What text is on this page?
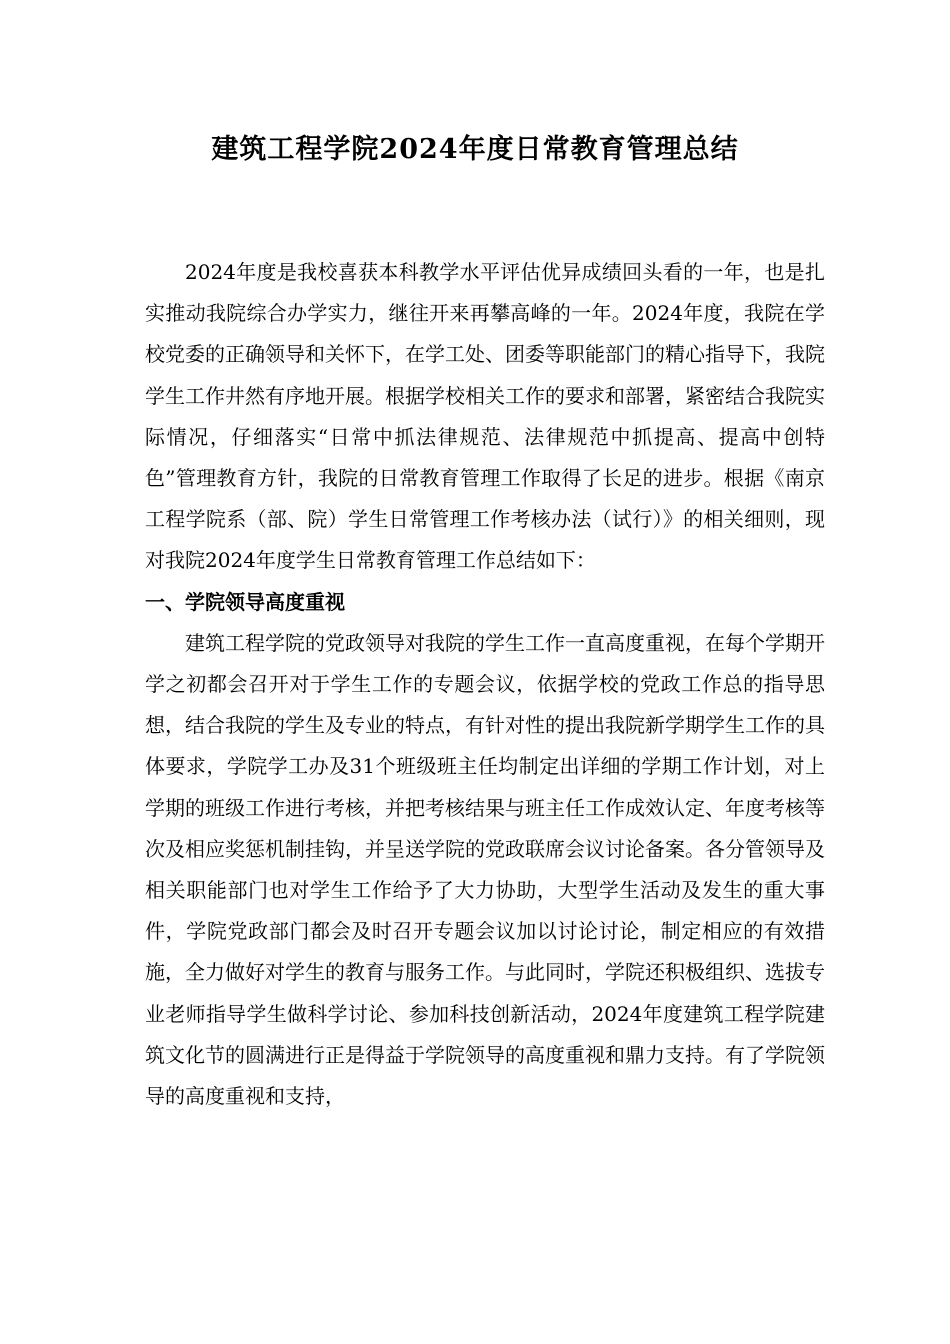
建筑工程学院2024年度日常教育管理总结

2024年度是我校喜获本科教学水平评估优异成绩回头看的一年，也是扎实推动我院综合办学实力，继往开来再攀高峰的一年。2024年度，我院在学校党委的正确领导和关怀下，在学工处、团委等职能部门的精心指导下，我院学生工作井然有序地开展。根据学校相关工作的要求和部署，紧密结合我院实际情况，仔细落实“日常中抓法律规范、法律规范中抓提高、提高中创特色”管理教育方针，我院的日常教育管理工作取得了长足的进步。根据《南京工程学院系（部、院）学生日常管理工作考核办法（试行）》的相关细则，现对我院2024年度学生日常教育管理工作总结如下：

一、学院领导高度重视

建筑工程学院的党政领导对我院的学生工作一直高度重视，在每个学期开学之初都会召开对于学生工作的专题会议，依据学校的党政工作总的指导思想，结合我院的学生及专业的特点，有针对性的提出我院新学期学生工作的具体要求，学院学工办及31个班级班主任均制定出详细的学期工作计划，对上学期的班级工作进行考核，并把考核结果与班主任工作成效认定、年度考核等次及相应奖惩机制挂钩，并呈送学院的党政联席会议讨论备案。各分管领导及相关职能部门也对学生工作给予了大力协助，大型学生活动及发生的重大事件，学院党政部门都会及时召开专题会议加以讨论讨论，制定相应的有效措施，全力做好对学生的教育与服务工作。与此同时，学院还积极组织、选拔专业老师指导学生做科学讨论、参加科技创新活动，2024年度建筑工程学院建筑文化节的圆满进行正是得益于学院领导的高度重视和鼎力支持。有了学院领导的高度重视和支持，
